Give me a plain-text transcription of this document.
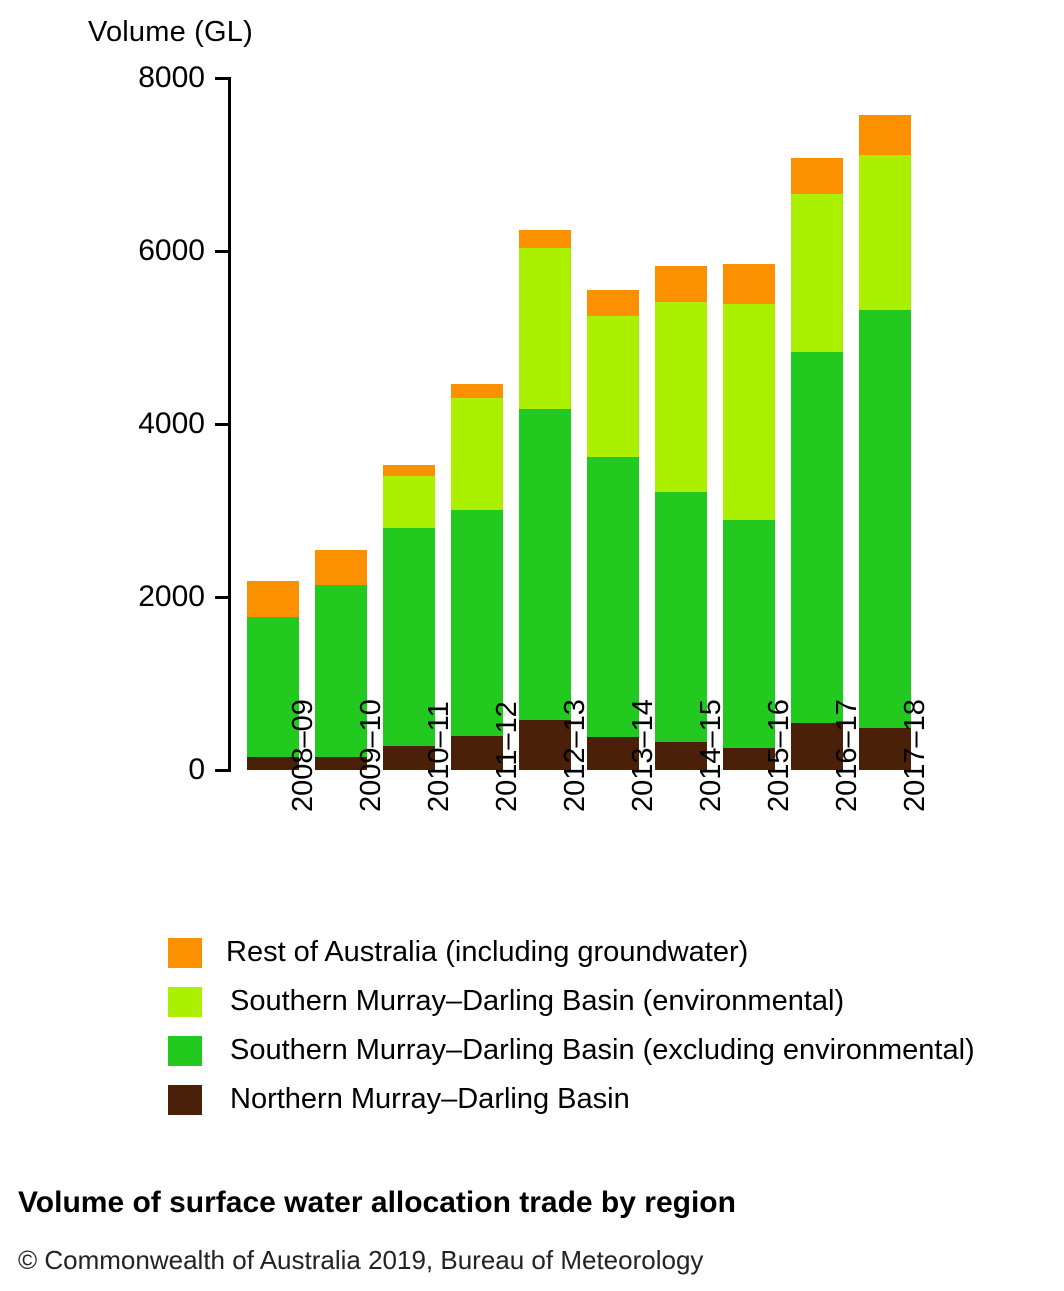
Volume (GL)
0
2000
4000
6000
8000
2008–09 2009–10 2010–11 2011–12 2012–13 2013–14 2014–15 2015–16 2016–17 2017–18
Rest of Australia (including groundwater)
Southern Murray–Darling Basin (environmental)
Southern Murray–Darling Basin (excluding environmental)
Northern Murray–Darling Basin
Volume of surface water allocation trade by region
© Commonwealth of Australia 2019, Bureau of Meteorology
